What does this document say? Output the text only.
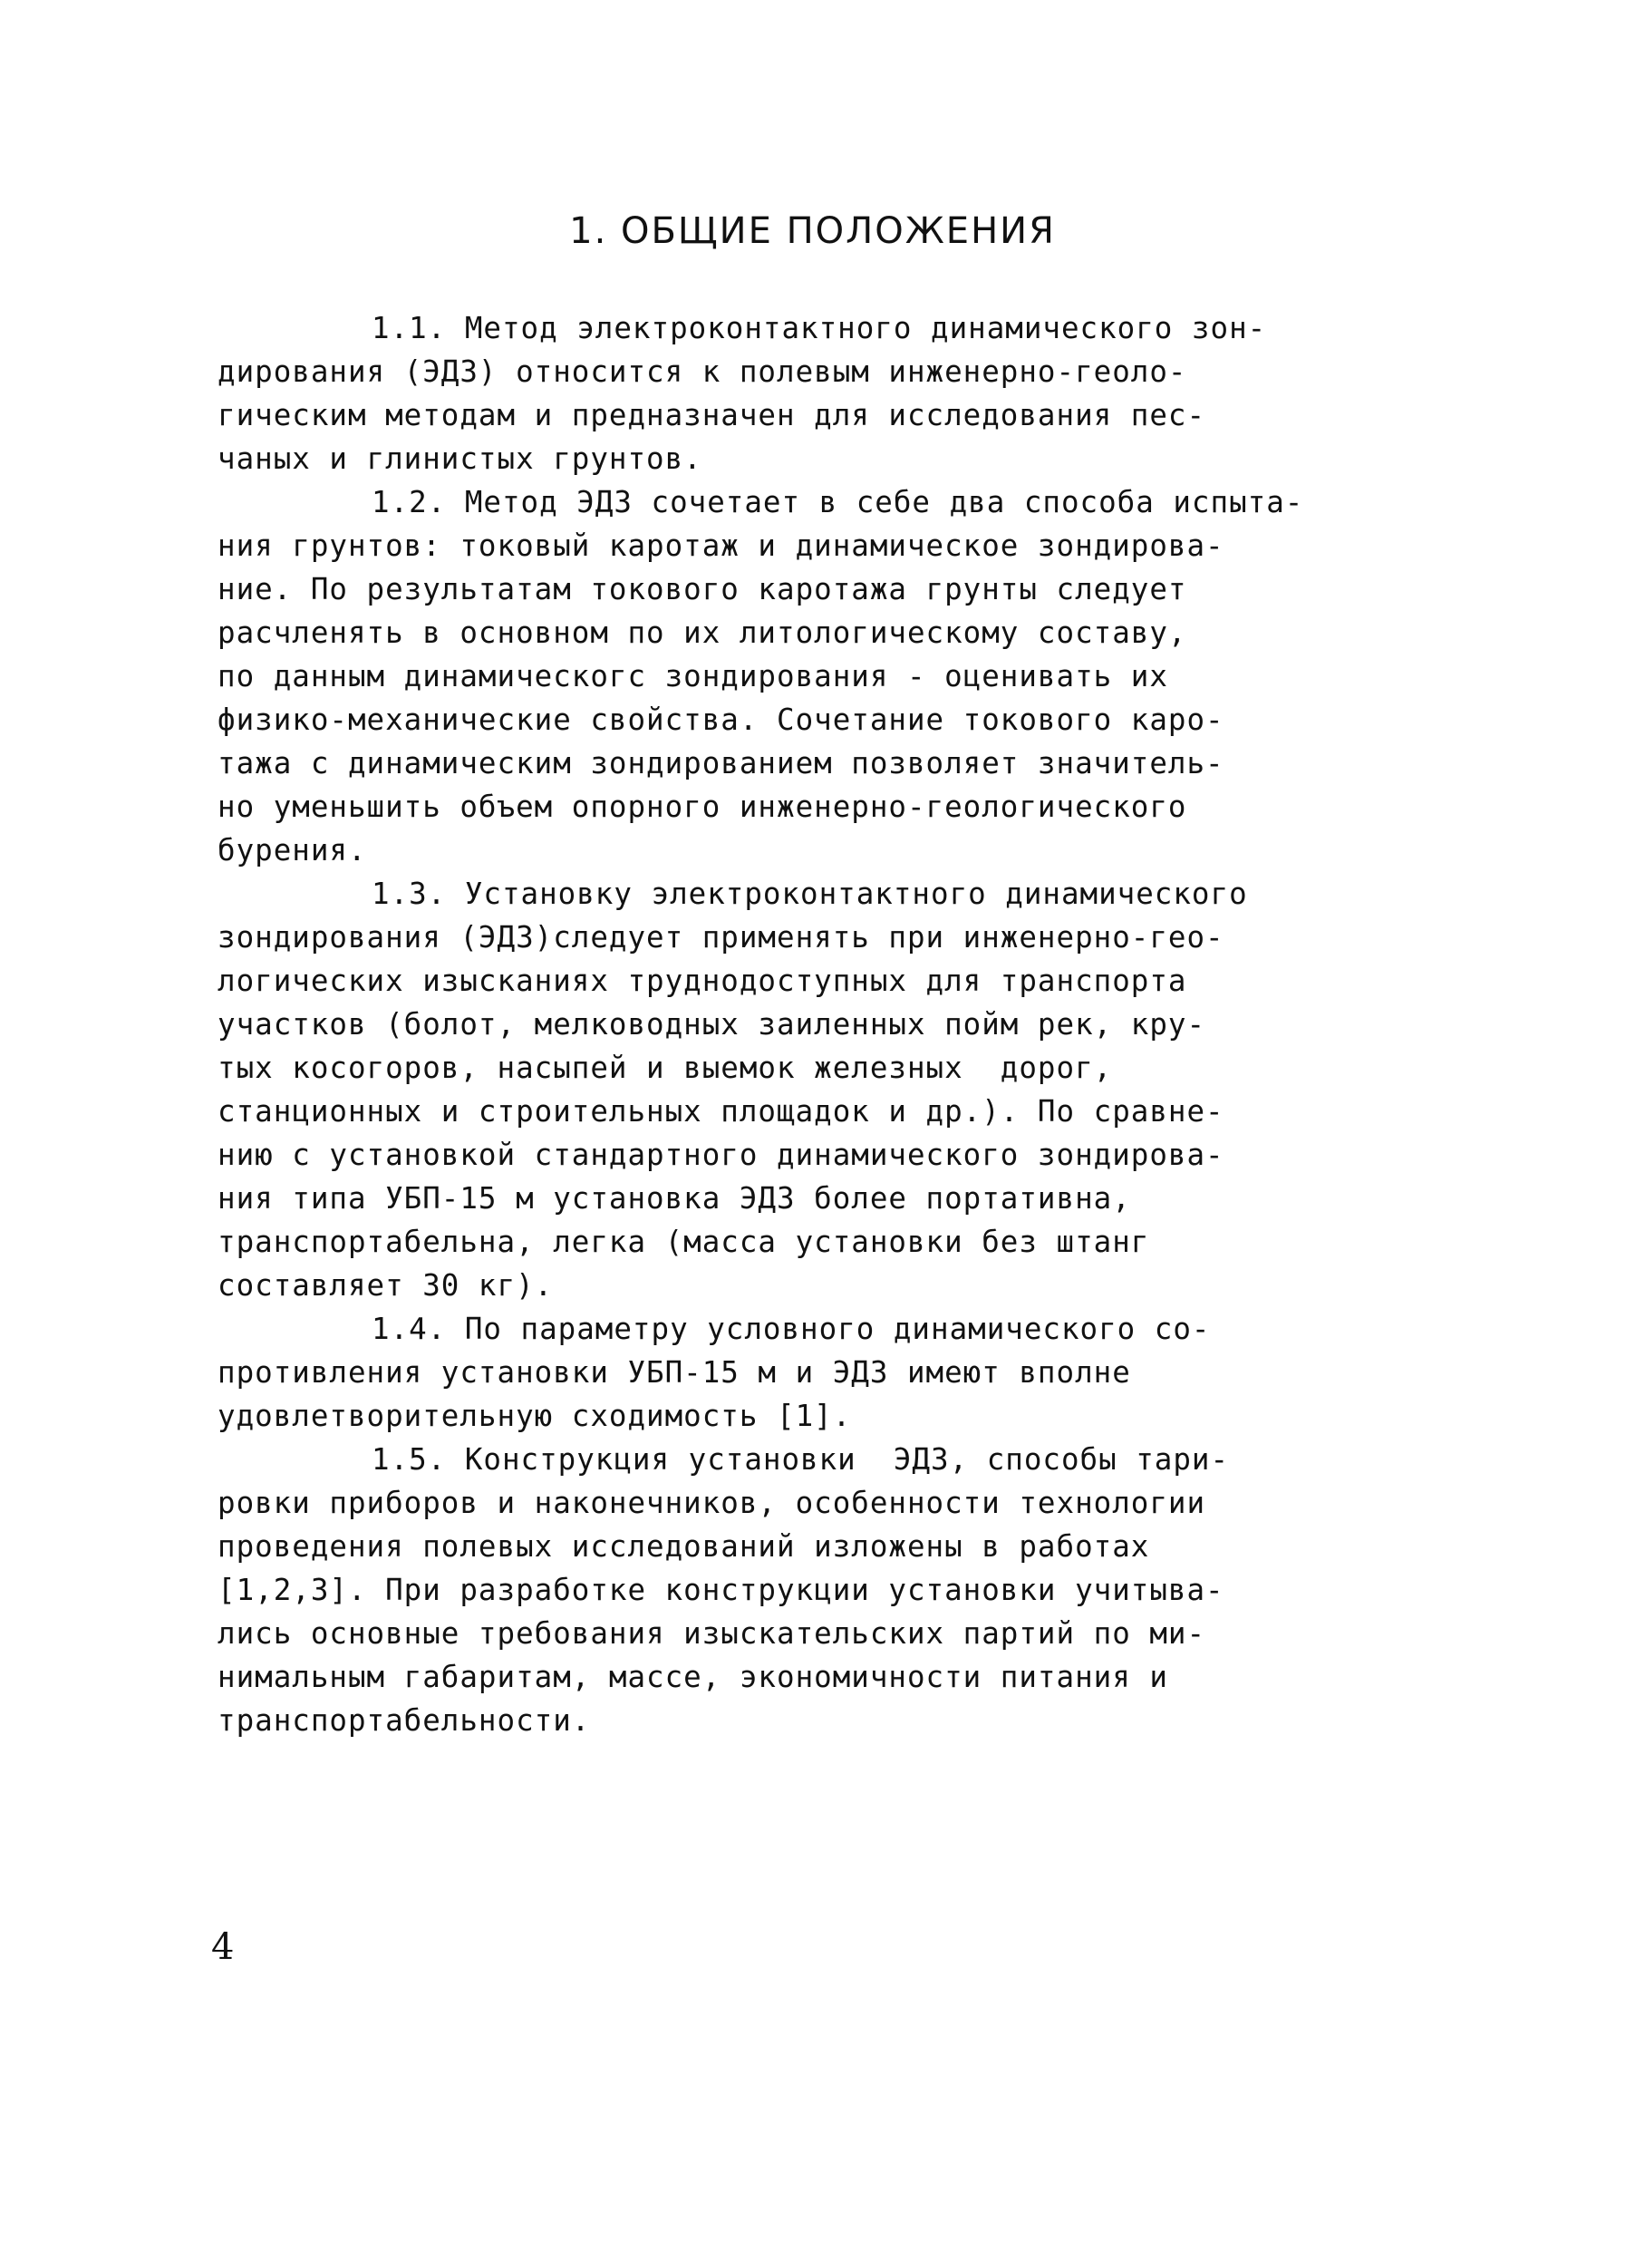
1. ОБЩИЕ ПОЛОЖЕНИЯ
1.1. Метод электроконтактного динамического зон-
дирования (ЭДЗ) относится к полевым инженерно-геоло-
гическим методам и предназначен для исследования пес-
чаных и глинистых грунтов.
1.2. Метод ЭДЗ сочетает в себе два способа испыта-
ния грунтов: токовый каротаж и динамическое зондирова-
ние. По результатам токового каротажа грунты следует
расчленять в основном по их литологическому составу,
по данным динамическогс зондирования - оценивать их
физико-механические свойства. Сочетание токового каро-
тажа с динамическим зондированием позволяет значитель-
но уменьшить объем опорного инженерно-геологического
бурения.
1.3. Установку электроконтактного динамического
зондирования (ЭДЗ)следует применять при инженерно-гео-
логических изысканиях труднодоступных для транспорта
участков (болот, мелководных заиленных пойм рек, кру-
тых косогоров, насыпей и выемок железных  дорог,
станционных и строительных площадок и др.). По сравне-
нию с установкой стандартного динамического зондирова-
ния типа УБП-15 м установка ЭДЗ более портативна,
транспортабельна, легка (масса установки без штанг
составляет 30 кг).
1.4. По параметру условного динамического со-
противления установки УБП-15 м и ЭДЗ имеют вполне
удовлетворительную сходимость [1].
1.5. Конструкция установки  ЭДЗ, способы тари-
ровки приборов и наконечников, особенности технологии
проведения полевых исследований изложены в работах
[1,2,3]. При разработке конструкции установки учитыва-
лись основные требования изыскательских партий по ми-
нимальным габаритам, массе, экономичности питания и
транспортабельности.
4
